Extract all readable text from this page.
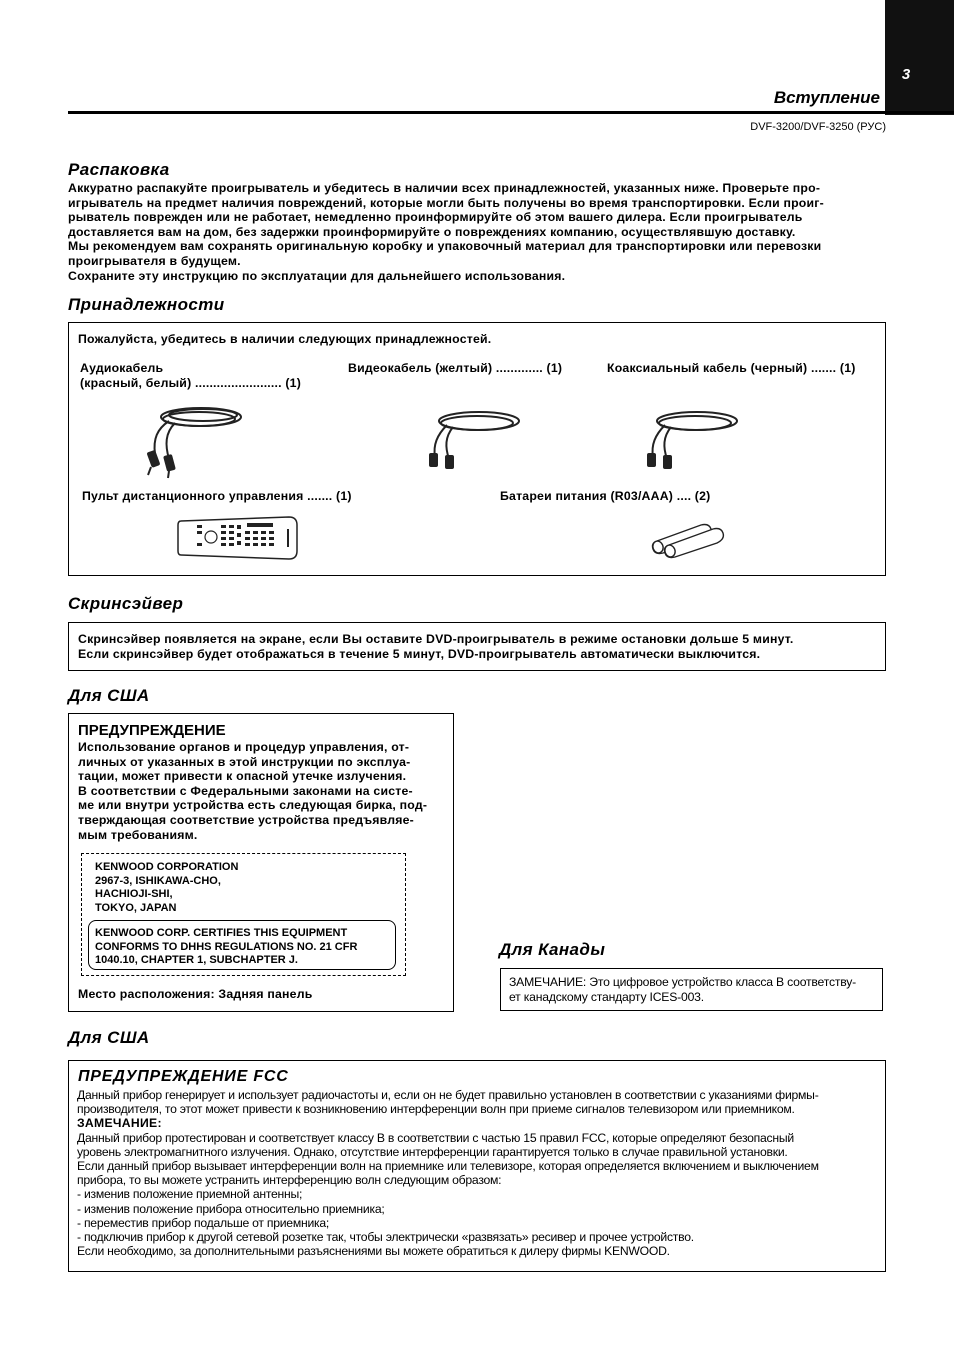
3
Вступление
DVF-3200/DVF-3250 (РУС)
Распаковка
Аккуратно распакуйте проигрыватель и убедитесь в наличии всех принадлежностей, указанных ниже. Проверьте про-
игрыватель на предмет наличия повреждений, которые могли быть получены во время транспортировки. Если проиг-
рыватель поврежден или не работает, немедленно проинформируйте об этом вашего дилера. Если проигрыватель
доставляется вам на дом, без задержки проинформируйте о повреждениях компанию, осуществлявшую доставку.
Мы рекомендуем вам сохранять оригинальную коробку и упаковочный материал для транспортировки или перевозки
проигрывателя в будущем.
Сохраните эту инструкцию по эксплуатации для дальнейшего использования.
Принадлежности
Пожалуйста, убедитесь в наличии следующих принадлежностей.
Аудиокабель
(красный, белый) ........................ (1)
Видеокабель (желтый) ............. (1)	Коаксиальный кабель (черный) ....... (1)
Пульт дистанционного управления ....... (1)	Батареи питания (R03/AAA) .... (2)
Скринсэйвер
Скринсэйвер появляется на экране, если Вы оставите DVD-проигрыватель в режиме остановки дольше 5 минут.
Если скринсэйвер будет отображаться в течение 5 минут, DVD-проигрыватель автоматически выключится.
Для США
ПРЕДУПРЕЖДЕНИЕ
Использование органов и процедур управления, от-
личных от указанных в этой инструкции по эксплуа-
тации, может привести к опасной утечке излучения.
В соответствии с Федеральными законами на систе-
ме или внутри устройства есть следующая бирка, под-
тверждающая соответствие устройства предъявляе-
мым требованиям.
KENWOOD CORPORATION
2967-3, ISHIKAWA-CHO,
HACHIOJI-SHI,
TOKYO, JAPAN
KENWOOD CORP. CERTIFIES THIS EQUIPMENT
CONFORMS TO DHHS REGULATIONS NO. 21 CFR
1040.10, CHAPTER 1, SUBCHAPTER J.
Место расположения: Задняя панель
Для Канады
ЗАМЕЧАНИЕ: Это цифровое устройство класса В соответству-
ет канадскому стандарту ICES-003.
Для США
ПРЕДУПРЕЖДЕНИЕ FCC
Данный прибор генерирует и использует радиочастоты и, если он не будет правильно установлен в соответствии с указаниями фирмы-
производителя, то этот может привести к возникновению интерференции волн при приеме сигналов телевизором или приемником.
ЗАМЕЧАНИЕ:
Данный прибор протестирован и соответствует классу В в соответствии с частью 15 правил FCC, которые определяют безопасный
уровень электромагнитного излучения. Однако, отсутствие интерференции гарантируется только в случае правильной установки.
Если данный прибор вызывает интерференции волн на приемнике или телевизоре, которая определяется включением и выключением
прибора, то вы можете устранить интерференцию волн следующим образом:
- изменив положение приемной антенны;
- изменив положение прибора относительно приемника;
- переместив прибор подальше от приемника;
- подключив прибор к другой сетевой розетке так, чтобы электрически «развязать» ресивер и прочее устройство.
Если необходимо, за дополнительными разъяснениями вы можете обратиться к дилеру фирмы KENWOOD.
